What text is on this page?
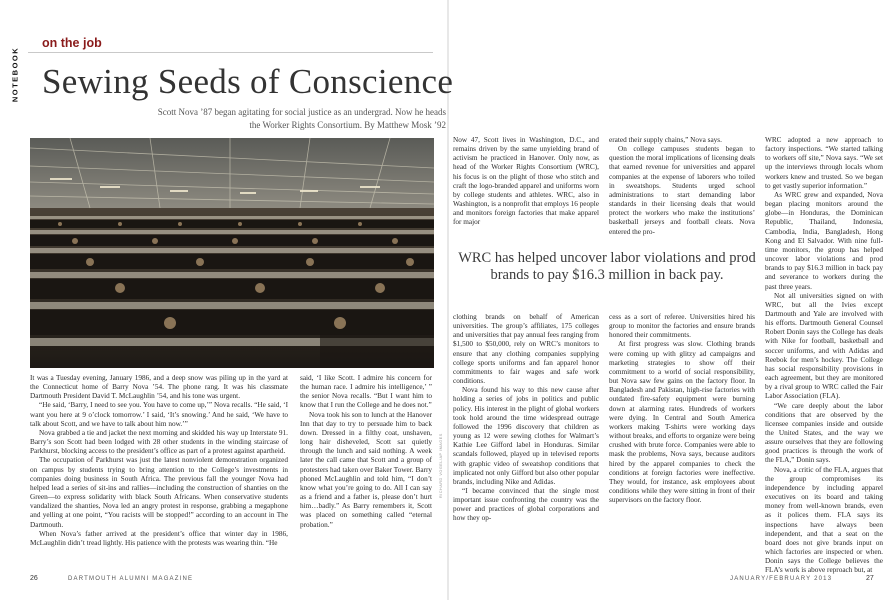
NOTEBOOK
on the job
Sewing Seeds of Conscience
Scott Nova ’87 began agitating for social justice as an undergrad. Now he heads
the Worker Rights Consortium. By Matthew Mosk ’92
RICHARD VOGEL/AP IMAGES

It was a Tuesday evening, January 1986, and a deep snow was piling up in the yard at the Connecticut home of Barry Nova ’54. The phone rang. It was his classmate Dartmouth President David T. McLaughlin ’54, and his tone was urgent.

“He said, ‘Barry, I need to see you. You have to come up,’” Nova recalls. “He said, ‘I want you here at 9 o’clock tomorrow.’ I said, ‘It’s snowing.’ And he said, ‘We have to talk about Scott, and we have to talk about him now.’”

Nova grabbed a tie and jacket the next morning and skidded his way up Interstate 91. Barry’s son Scott had been lodged with 28 other students in the winding staircase of Parkhurst, blocking access to the president’s office as part of a protest against apartheid.

The occupation of Parkhurst was just the latest nonviolent demonstration organized on campus by students trying to bring attention to the College’s investments in companies doing business in South Africa. The previous fall the younger Nova had helped lead a series of sit-ins and rallies—including the construction of shanties on the Green—to express solidarity with black South Africans. When conservative students vandalized the shanties, Nova led an angry protest in response, grabbing a megaphone and yelling at one point, “You racists will be stopped!” according to an account in The Dartmouth.

When Nova’s father arrived at the president’s office that winter day in 1986, McLaughlin didn’t tread lightly. His patience with the protests was wearing thin. “He

said, ‘I like Scott. I admire his concern for the human race. I admire his intelligence,’ ” the senior Nova recalls. “But I want him to know that I run the College and he does not.”

Nova took his son to lunch at the Hanover Inn that day to try to persuade him to back down. Dressed in a filthy coat, unshaven, long hair disheveled, Scott sat quietly through the lunch and said nothing. A week later the call came that Scott and a group of protesters had taken over Baker Tower. Barry phoned McLaughlin and told him, “I don’t know what you’re going to do. All I can say as a friend and a father is, please don’t hurt him…badly.” As Barry remembers it, Scott was placed on something called “eternal probation.”

Now 47, Scott lives in Washington, D.C., and remains driven by the same unyielding brand of activism he practiced in Hanover. Only now, as head of the Worker Rights Consortium (WRC), his focus is on the plight of those who stitch and craft the logo-branded apparel and uniforms worn by college students and athletes. WRC, also in Washington, is a nonprofit that employs 16 people and monitors foreign factories that make apparel for major

erated their supply chains,” Nova says.

On college campuses students began to question the moral implications of licensing deals that earned revenue for universities and apparel companies at the expense of laborers who toiled in sweatshops. Students urged school administrations to start demanding labor standards in their licensing deals that would protect the workers who make the institutions’ basketball jerseys and football cleats. Nova entered the pro-

WRC has helped uncover labor violations and prod brands to pay $16.3 million in back pay.

clothing brands on behalf of American universities. The group’s affiliates, 175 colleges and universities that pay annual fees ranging from $1,500 to $50,000, rely on WRC’s monitors to ensure that any clothing companies supplying college sports uniforms and fan apparel honor commitments to fair wages and safe work conditions.

Nova found his way to this new cause after holding a series of jobs in politics and public policy. His interest in the plight of global workers took hold around the time widespread outrage followed the 1996 discovery that children as young as 12 were sewing clothes for Walmart’s Kathie Lee Gifford label in Honduras. Similar scandals followed, played up in televised reports with graphic video of sweatshop conditions that implicated not only Gifford but also other popular brands, including Nike and Adidas.

“I became convinced that the single most important issue confronting the country was the power and practices of global corporations and how they op-

cess as a sort of referee. Universities hired his group to monitor the factories and ensure brands honored their commitments.

At first progress was slow. Clothing brands were coming up with glitzy ad campaigns and marketing strategies to show off their commitment to a world of social responsibility, but Nova saw few gains on the factory floor. In Bangladesh and Pakistan, high-rise factories with outdated fire-safety equipment were burning down at alarming rates. Hundreds of workers were dying. In Central and South America workers making T-shirts were working days without breaks, and efforts to organize were being crushed with brute force. Companies were able to mask the problems, Nova says, because auditors hired by the apparel companies to check the conditions at foreign factories were ineffective. They would, for instance, ask employees about conditions while they were sitting in front of their supervisors on the factory floor.

WRC adopted a new approach to factory inspections. “We started talking to workers off site,” Nova says. “We set up the interviews through locals whom workers knew and trusted. So we began to get vastly superior information.”

As WRC grew and expanded, Nova began placing monitors around the globe—in Honduras, the Dominican Republic, Thailand, Indonesia, Cambodia, India, Bangladesh, Hong Kong and El Salvador. With nine full-time monitors, the group has helped uncover labor violations and prod brands to pay $16.3 million in back pay and severance to workers during the past three years.

Not all universities signed on with WRC, but all the Ivies except Dartmouth and Yale are involved with his efforts. Dartmouth General Counsel Robert Donin says the College has deals with Nike for football, basketball and soccer uniforms, and with Adidas and Reebok for men’s hockey. The College has social responsibility provisions in each agreement, but they are monitored by a rival group to WRC called the Fair Labor Association (FLA).

“We care deeply about the labor conditions that are observed by the licensee companies inside and outside the United States, and the way we assure ourselves that they are following good practices is through the work of the FLA,” Donin says.

Nova, a critic of the FLA, argues that the group compromises its independence by including apparel executives on its board and taking money from well-known brands, even as it polices them. FLA says its inspections have always been independent, and that a seat on the board does not give brands input on which factories are inspected or when. Donin says the College believes the FLA’s work is above reproach but, at

26	DARTMOUTH ALUMNI MAGAZINE	JANUARY/FEBRUARY 2013	27
